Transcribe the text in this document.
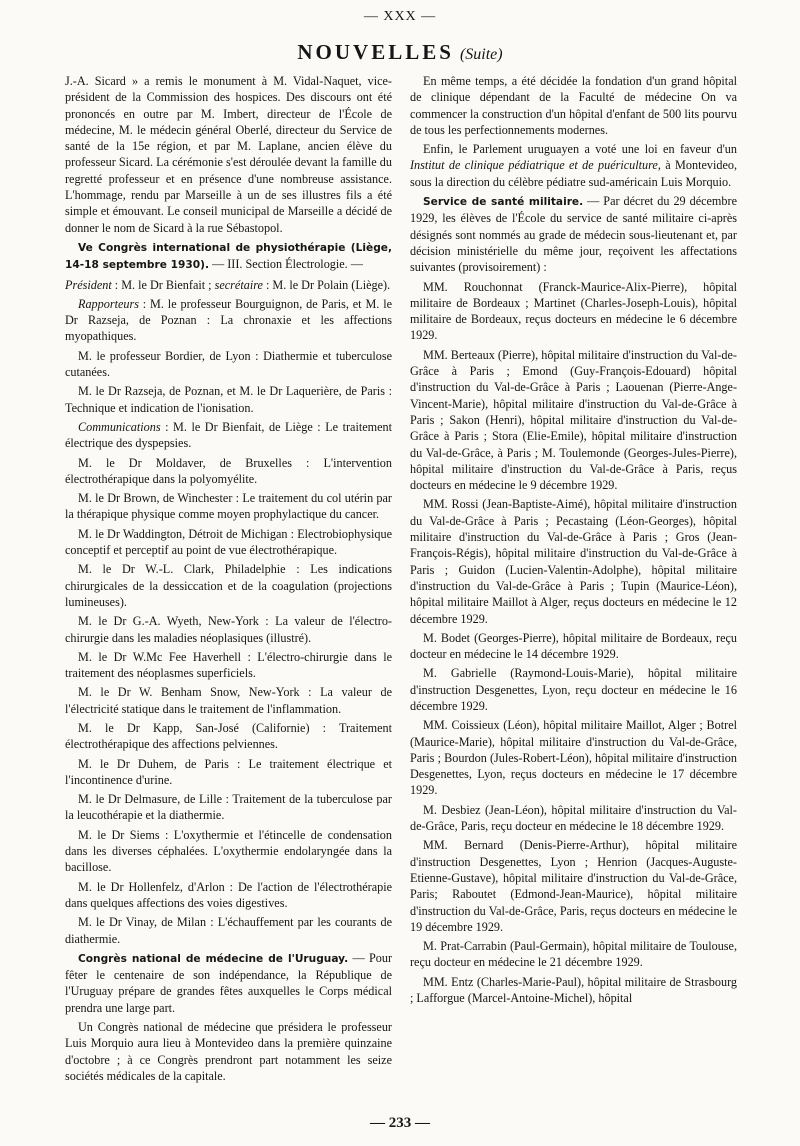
— XXX —
NOUVELLES (Suite)

J.-A. Sicard » a remis le monument à M. Vidal-Naquet, vice-président de la Commission des hospices. Des discours ont été prononcés en outre par M. Imbert, directeur de l'École de médecine, M. le médecin général Oberlé, directeur du Service de santé de la 15e région, et par M. Laplane, ancien élève du professeur Sicard. La cérémonie s'est déroulée devant la famille du regretté professeur et en présence d'une nombreuse assistance. L'hommage, rendu par Marseille à un de ses illustres fils a été simple et émouvant. Le conseil municipal de Marseille a décidé de donner le nom de Sicard à la rue Sébastopol.

Ve Congrès international de physiothérapie (Liège, 14-18 septembre 1930). — III. Section Électrologie. —

Président : M. le Dr Bienfait ; secrétaire : M. le Dr Polain (Liège).

Rapporteurs : M. le professeur Bourguignon, de Paris, et M. le Dr Razseja, de Poznan : La chronaxie et les affections myopathiques.

M. le professeur Bordier, de Lyon : Diathermie et tuberculose cutanées.

M. le Dr Razseja, de Poznan, et M. le Dr Laquerière, de Paris : Technique et indication de l'ionisation.

Communications : M. le Dr Bienfait, de Liège : Le traitement électrique des dyspepsies.

M. le Dr Moldaver, de Bruxelles : L'intervention électrothérapique dans la polyomyélite.

M. le Dr Brown, de Winchester : Le traitement du col utérin par la thérapique physique comme moyen prophylactique du cancer.

M. le Dr Waddington, Détroit de Michigan : Electrobiophysique conceptif et perceptif au point de vue électrothérapique.

M. le Dr W.-L. Clark, Philadelphie : Les indications chirurgicales de la dessiccation et de la coagulation (projections lumineuses).

M. le Dr G.-A. Wyeth, New-York : La valeur de l'électro-chirurgie dans les maladies néoplasiques (illustré).

M. le Dr W.Mc Fee Haverhell : L'électro-chirurgie dans le traitement des néoplasmes superficiels.

M. le Dr W. Benham Snow, New-York : La valeur de l'électricité statique dans le traitement de l'inflammation.

M. le Dr Kapp, San-José (Californie) : Traitement électrothérapique des affections pelviennes.

M. le Dr Duhem, de Paris : Le traitement électrique et l'incontinence d'urine.

M. le Dr Delmasure, de Lille : Traitement de la tuberculose par la leucothérapie et la diathermie.

M. le Dr Siems : L'oxythermie et l'étincelle de condensation dans les diverses céphalées. L'oxythermie endolaryngée dans la bacillose.

M. le Dr Hollenfelz, d'Arlon : De l'action de l'électrothérapie dans quelques affections des voies digestives.

M. le Dr Vinay, de Milan : L'échauffement par les courants de diathermie.

Congrès national de médecine de l'Uruguay. — Pour fêter le centenaire de son indépendance, la République de l'Uruguay prépare de grandes fêtes auxquelles le Corps médical prendra une large part.

Un Congrès national de médecine que présidera le professeur Luis Morquio aura lieu à Montevideo dans la première quinzaine d'octobre ; à ce Congrès prendront part notamment les seize sociétés médicales de la capitale.

En même temps, a été décidée la fondation d'un grand hôpital de clinique dépendant de la Faculté de médecine On va commencer la construction d'un hôpital d'enfant de 500 lits pourvu de tous les perfectionnements modernes.

Enfin, le Parlement uruguayen a voté une loi en faveur d'un Institut de clinique pédiatrique et de puériculture, à Montevideo, sous la direction du célèbre pédiatre sud-américain Luis Morquio.

Service de santé militaire. — Par décret du 29 décembre 1929, les élèves de l'École du service de santé militaire ci-après désignés sont nommés au grade de médecin sous-lieutenant et, par décision ministérielle du même jour, reçoivent les affectations suivantes (provisoirement) :

MM. Rouchonnat (Franck-Maurice-Alix-Pierre), hôpital militaire de Bordeaux ; Martinet (Charles-Joseph-Louis), hôpital militaire de Bordeaux, reçus docteurs en médecine le 6 décembre 1929.

MM. Berteaux (Pierre), hôpital militaire d'instruction du Val-de-Grâce à Paris ; Emond (Guy-François-Edouard) hôpital d'instruction du Val-de-Grâce à Paris ; Laouenan (Pierre-Ange-Vincent-Marie), hôpital militaire d'instruction du Val-de-Grâce à Paris ; Sakon (Henri), hôpital militaire d'instruction du Val-de-Grâce à Paris ; Stora (Elie-Emile), hôpital militaire d'instruction du Val-de-Grâce, à Paris ; M. Toulemonde (Georges-Jules-Pierre), hôpital militaire d'instruction du Val-de-Grâce à Paris, reçus docteurs en médecine le 9 décembre 1929.

MM. Rossi (Jean-Baptiste-Aimé), hôpital militaire d'instruction du Val-de-Grâce à Paris ; Pecastaing (Léon-Georges), hôpital militaire d'instruction du Val-de-Grâce à Paris ; Gros (Jean-François-Régis), hôpital militaire d'instruction du Val-de-Grâce à Paris ; Guidon (Lucien-Valentin-Adolphe), hôpital militaire d'instruction du Val-de-Grâce à Paris ; Tupin (Maurice-Léon), hôpital militaire Maillot à Alger, reçus docteurs en médecine le 12 décembre 1929.

M. Bodet (Georges-Pierre), hôpital militaire de Bordeaux, reçu docteur en médecine le 14 décembre 1929.

M. Gabrielle (Raymond-Louis-Marie), hôpital militaire d'instruction Desgenettes, Lyon, reçu docteur en médecine le 16 décembre 1929.

MM. Coissieux (Léon), hôpital militaire Maillot, Alger ; Botrel (Maurice-Marie), hôpital militaire d'instruction du Val-de-Grâce, Paris ; Bourdon (Jules-Robert-Léon), hôpital militaire d'instruction Desgenettes, Lyon, reçus docteurs en médecine le 17 décembre 1929.

M. Desbiez (Jean-Léon), hôpital militaire d'instruction du Val-de-Grâce, Paris, reçu docteur en médecine le 18 décembre 1929.

MM. Bernard (Denis-Pierre-Arthur), hôpital militaire d'instruction Desgenettes, Lyon ; Henrion (Jacques-Auguste-Etienne-Gustave), hôpital militaire d'instruction du Val-de-Grâce, Paris; Raboutet (Edmond-Jean-Maurice), hôpital militaire d'instruction du Val-de-Grâce, Paris, reçus docteurs en médecine le 19 décembre 1929.

M. Prat-Carrabin (Paul-Germain), hôpital militaire de Toulouse, reçu docteur en médecine le 21 décembre 1929.

MM. Entz (Charles-Marie-Paul), hôpital militaire de Strasbourg ; Lafforgue (Marcel-Antoine-Michel), hôpital

— 233 —
